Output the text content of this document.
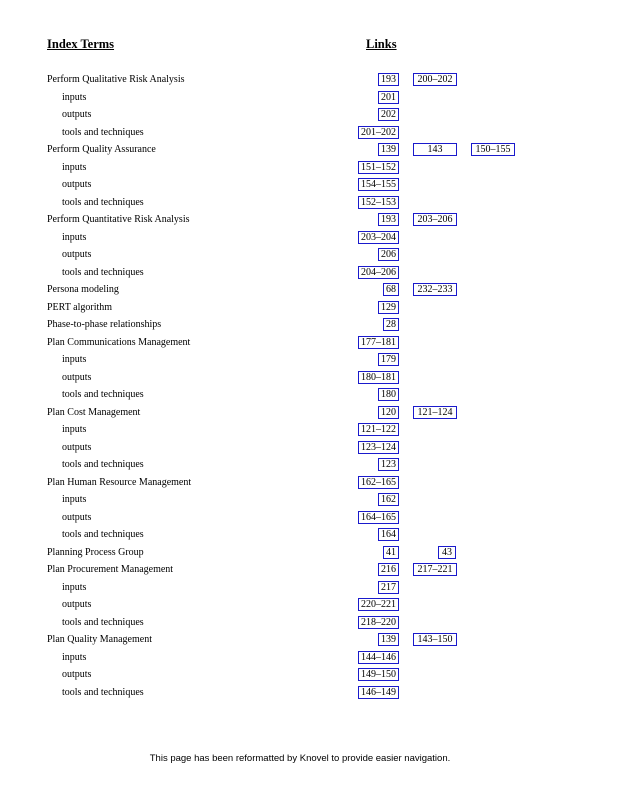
Index Terms	Links
Perform Qualitative Risk Analysis	193	200–202
inputs	201
outputs	202
tools and techniques	201–202
Perform Quality Assurance	139	143	150–155
inputs	151–152
outputs	154–155
tools and techniques	152–153
Perform Quantitative Risk Analysis	193	203–206
inputs	203–204
outputs	206
tools and techniques	204–206
Persona modeling	68	232–233
PERT algorithm	129
Phase-to-phase relationships	28
Plan Communications Management	177–181
inputs	179
outputs	180–181
tools and techniques	180
Plan Cost Management	120	121–124
inputs	121–122
outputs	123–124
tools and techniques	123
Plan Human Resource Management	162–165
inputs	162
outputs	164–165
tools and techniques	164
Planning Process Group	41	43
Plan Procurement Management	216	217–221
inputs	217
outputs	220–221
tools and techniques	218–220
Plan Quality Management	139	143–150
inputs	144–146
outputs	149–150
tools and techniques	146–149
This page has been reformatted by Knovel to provide easier navigation.
